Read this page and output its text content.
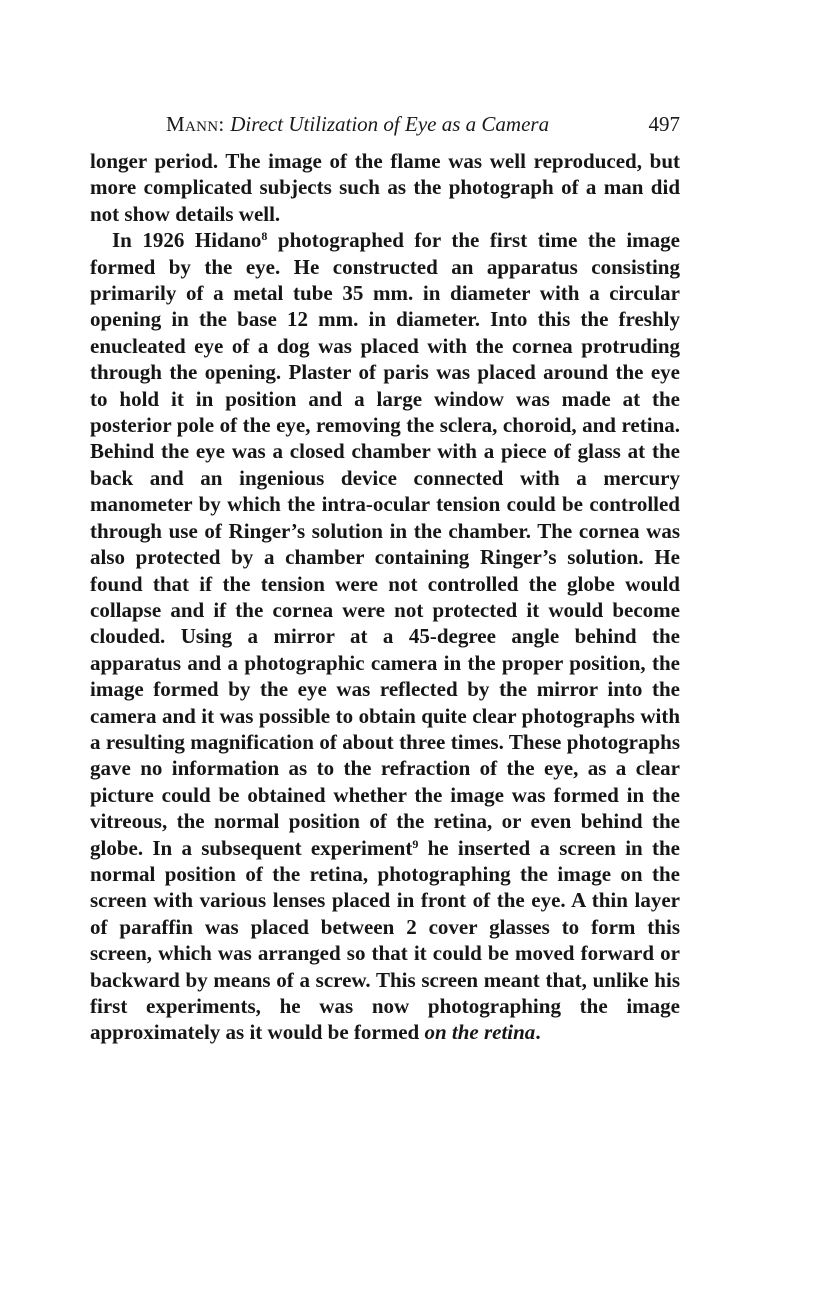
Mann: Direct Utilization of Eye as a Camera	497

longer period. The image of the flame was well reproduced, but more complicated subjects such as the photograph of a man did not show details well.

In 1926 Hidano$^8$ photographed for the first time the image formed by the eye. He constructed an apparatus consisting primarily of a metal tube 35 mm. in diameter with a circular opening in the base 12 mm. in diameter. Into this the freshly enucleated eye of a dog was placed with the cornea protruding through the opening. Plaster of paris was placed around the eye to hold it in position and a large window was made at the posterior pole of the eye, removing the sclera, choroid, and retina. Behind the eye was a closed chamber with a piece of glass at the back and an ingenious device connected with a mercury manometer by which the intra-ocular tension could be controlled through use of Ringer’s solution in the chamber. The cornea was also protected by a chamber containing Ringer’s solution. He found that if the tension were not controlled the globe would collapse and if the cornea were not protected it would become clouded. Using a mirror at a 45-degree angle behind the apparatus and a photographic camera in the proper position, the image formed by the eye was reflected by the mirror into the camera and it was possible to obtain quite clear photographs with a resulting magnification of about three times. These photographs gave no information as to the refraction of the eye, as a clear picture could be obtained whether the image was formed in the vitreous, the normal position of the retina, or even behind the globe. In a subsequent experiment$^9$ he inserted a screen in the normal position of the retina, photographing the image on the screen with various lenses placed in front of the eye. A thin layer of paraffin was placed between 2 cover glasses to form this screen, which was arranged so that it could be moved forward or backward by means of a screw. This screen meant that, unlike his first experiments, he was now photographing the image approximately as it would be formed on the retina.
